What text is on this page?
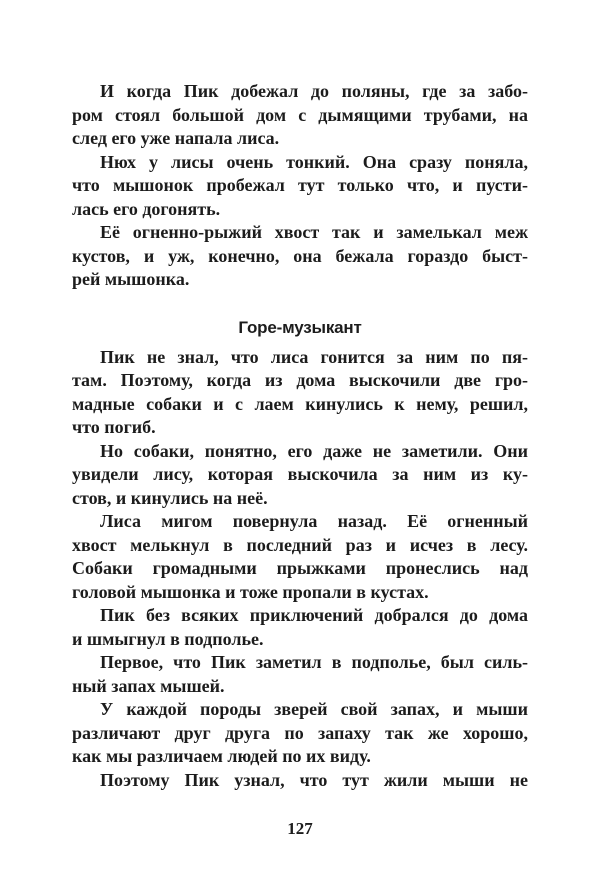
И когда Пик добежал до поляны, где за забо-
ром стоял большой дом с дымящими трубами, на
след его уже напала лиса.
Нюх у лисы очень тонкий. Она сразу поняла,
что мышонок пробежал тут только что, и пусти-
лась его догонять.
Её огненно-рыжий хвост так и замелькал меж
кустов, и уж, конечно, она бежала гораздо быст-
рей мышонка.
Горе-музыкант
Пик не знал, что лиса гонится за ним по пя-
там. Поэтому, когда из дома выскочили две гро-
мадные собаки и с лаем кинулись к нему, решил,
что погиб.
Но собаки, понятно, его даже не заметили. Они
увидели лису, которая выскочила за ним из ку-
стов, и кинулись на неё.
Лиса мигом повернула назад. Её огненный
хвост мелькнул в последний раз и исчез в лесу.
Собаки громадными прыжками пронеслись над
головой мышонка и тоже пропали в кустах.
Пик без всяких приключений добрался до дома
и шмыгнул в подполье.
Первое, что Пик заметил в подполье, был силь-
ный запах мышей.
У каждой породы зверей свой запах, и мыши
различают друг друга по запаху так же хорошо,
как мы различаем людей по их виду.
Поэтому Пик узнал, что тут жили мыши не
127
